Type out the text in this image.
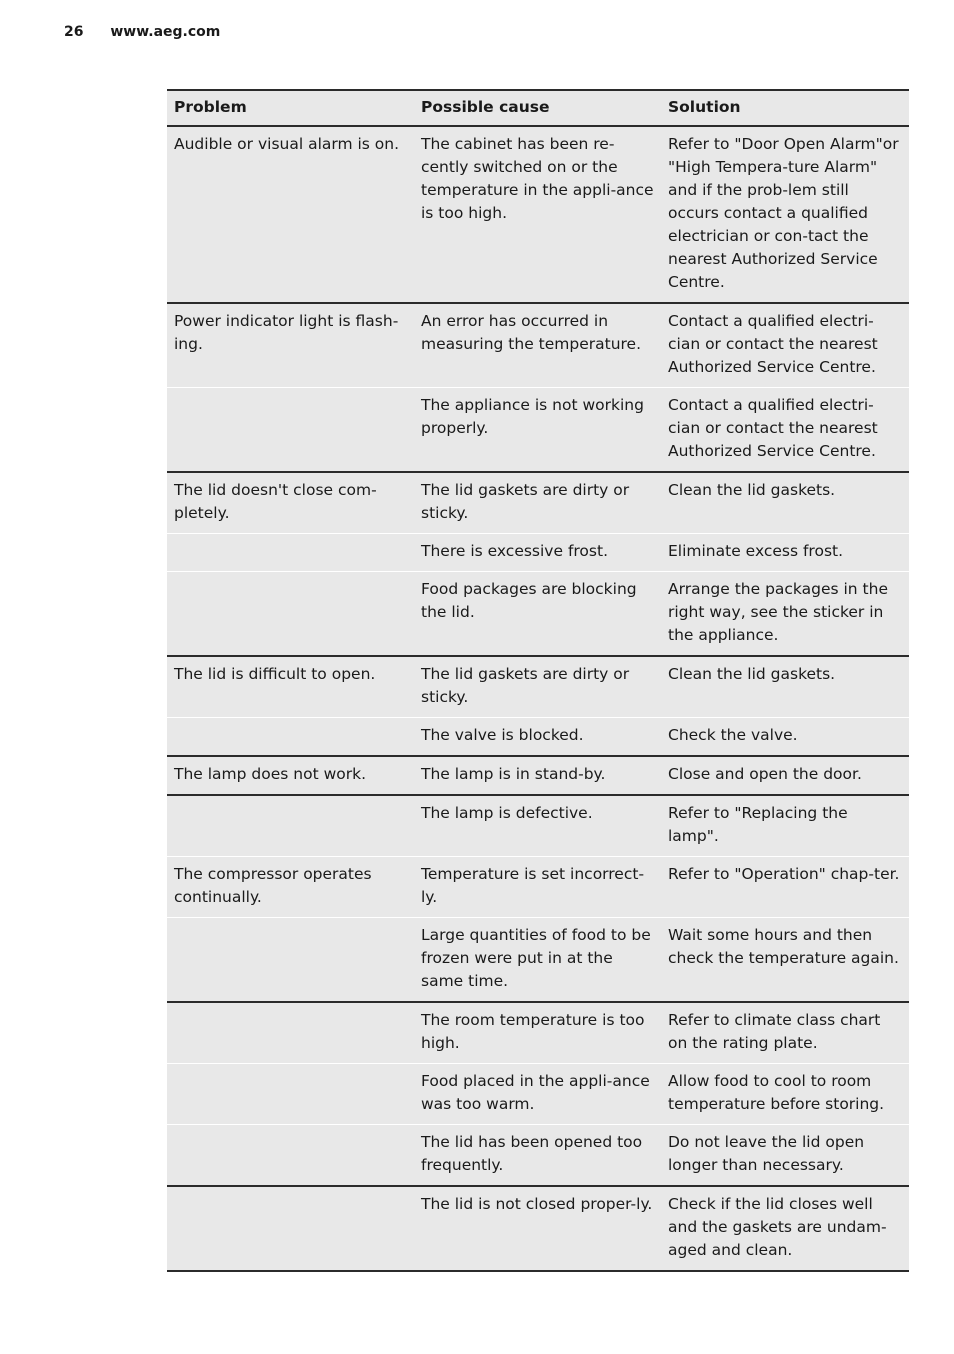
26 www.aeg.com
Problem	Possible cause	Solution
Audible or visual alarm is on.	The cabinet has been re-cently switched on or the temperature in the appli-ance is too high.	Refer to "Door Open Alarm"or "High Tempera-ture Alarm" and if the prob-lem still occurs contact a qualified electrician or con-tact the nearest Authorized Service Centre.
Power indicator light is flash-ing.	An error has occurred in measuring the temperature.	Contact a qualified electri-cian or contact the nearest Authorized Service Centre.
	The appliance is not working properly.	Contact a qualified electri-cian or contact the nearest Authorized Service Centre.
The lid doesn't close com-pletely.	The lid gaskets are dirty or sticky.	Clean the lid gaskets.
	There is excessive frost.	Eliminate excess frost.
	Food packages are blocking the lid.	Arrange the packages in the right way, see the sticker in the appliance.
The lid is difficult to open.	The lid gaskets are dirty or sticky.	Clean the lid gaskets.
	The valve is blocked.	Check the valve.
The lamp does not work.	The lamp is in stand-by.	Close and open the door.
	The lamp is defective.	Refer to "Replacing the lamp".
The compressor operates continually.	Temperature is set incorrect-ly.	Refer to "Operation" chap-ter.
	Large quantities of food to be frozen were put in at the same time.	Wait some hours and then check the temperature again.
	The room temperature is too high.	Refer to climate class chart on the rating plate.
	Food placed in the appli-ance was too warm.	Allow food to cool to room temperature before storing.
	The lid has been opened too frequently.	Do not leave the lid open longer than necessary.
	The lid is not closed proper-ly.	Check if the lid closes well and the gaskets are undam-aged and clean.
